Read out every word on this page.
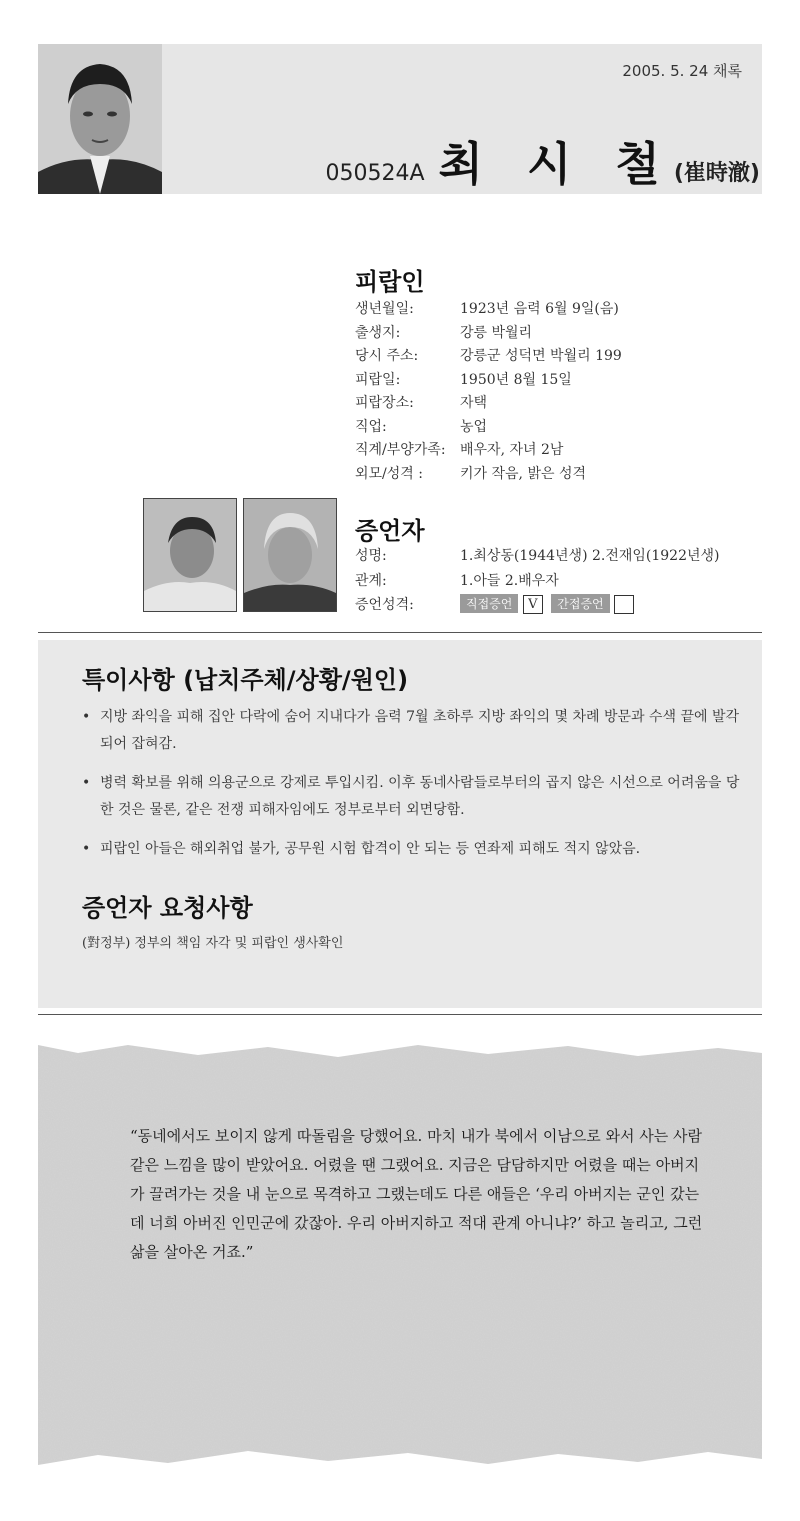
2005. 5. 24 채록
050524A 최 시 철 (崔時澈)
피랍인
생년월일:	1923년 음력 6월 9일(음)
출생지:	강릉 박월리
당시 주소:	강릉군 성덕면 박월리 199
피랍일:	1950년 8월 15일
피랍장소:	자택
직업:	농업
직계/부양가족: 배우자, 자녀 2남
외모/성격 :	키가 작음, 밝은 성격
증언자
성명:	1.최상동(1944년생) 2.전재임(1922년생)
관계:	1.아들 2.배우자
증언성격:	직접증언 V 간접증언
특이사항 (납치주체/상황/원인)
• 지방 좌익을 피해 집안 다락에 숨어 지내다가 음력 7월 초하루 지방 좌익의 몇 차례 방문과 수색 끝에 발각되어 잡혀감.
• 병력 확보를 위해 의용군으로 강제로 투입시킴. 이후 동네사람들로부터의 곱지 않은 시선으로 어려움을 당한 것은 물론, 같은 전쟁 피해자임에도 정부로부터 외면당함.
• 피랍인 아들은 해외취업 불가, 공무원 시험 합격이 안 되는 등 연좌제 피해도 적지 않았음.
증언자 요청사항
(對정부) 정부의 책임 자각 및 피랍인 생사확인
“동네에서도 보이지 않게 따돌림을 당했어요. 마치 내가 북에서 이남으로 와서 사는 사람 같은 느낌을 많이 받았어요. 어렸을 땐 그랬어요. 지금은 담담하지만 어렸을 때는 아버지가 끌려가는 것을 내 눈으로 목격하고 그랬는데도 다른 애들은 ‘우리 아버지는 군인 갔는데 너희 아버진 인민군에 갔잖아. 우리 아버지하고 적대 관계 아니냐?’ 하고 놀리고, 그런 삶을 살아온 거죠.”
